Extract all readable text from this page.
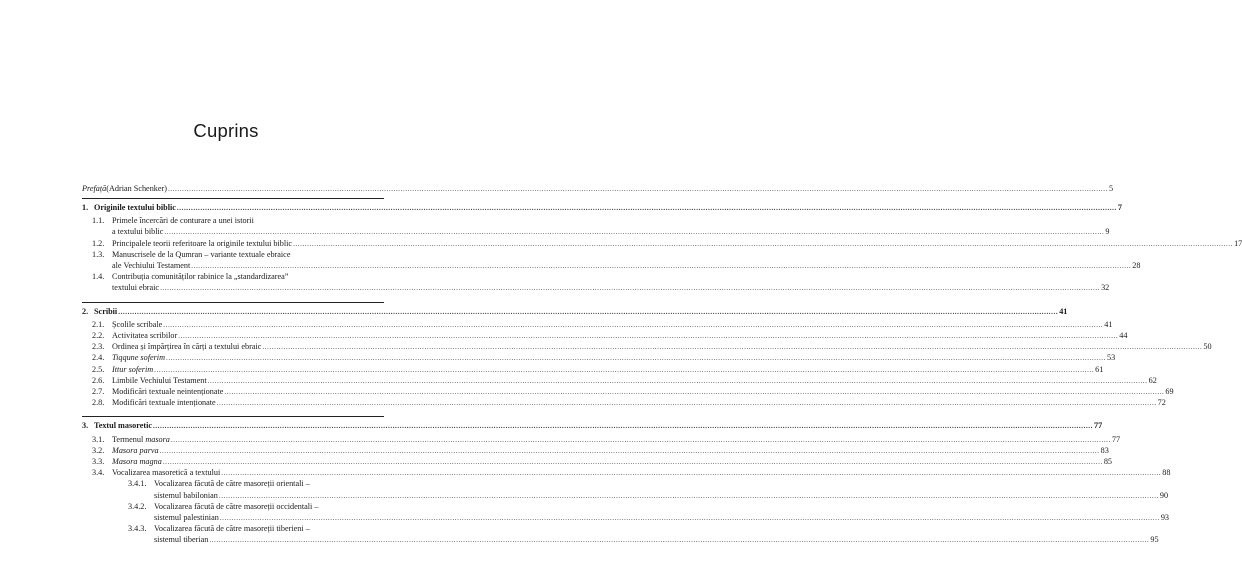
Cuprins
Prefață (Adrian Schenker) ................................................................................................................................................................................................................................................................................................................................................................................................................ 5
1. Originile textului biblic ................................................................................................................................................................................................................................................................................................................................................................................................................ 7
1.1. Primele încercări de conturare a unei istorii
a textului biblic ................................................................................................................................................................................................................................................................................................................................................................................................................ 9
1.2. Principalele teorii referitoare la originile textului biblic ................................................................................................................................................................................................................................................................................................................................................................................................................ 17
1.3. Manuscrisele de la Qumran – variante textuale ebraice
ale Vechiului Testament ................................................................................................................................................................................................................................................................................................................................................................................................................ 28
1.4. Contribuția comunităților rabinice la „standardizarea”
textului ebraic ................................................................................................................................................................................................................................................................................................................................................................................................................ 32
2. Scribii ................................................................................................................................................................................................................................................................................................................................................................................................................ 41
2.1. Școlile scribale ................................................................................................................................................................................................................................................................................................................................................................................................................ 41
2.2. Activitatea scribilor ................................................................................................................................................................................................................................................................................................................................................................................................................ 44
2.3. Ordinea și împărțirea în cărți a textului ebraic ................................................................................................................................................................................................................................................................................................................................................................................................................ 50
2.4. Tiqqune soferim ................................................................................................................................................................................................................................................................................................................................................................................................................ 53
2.5. Ittur soferim ................................................................................................................................................................................................................................................................................................................................................................................................................ 61
2.6. Limbile Vechiului Testament ................................................................................................................................................................................................................................................................................................................................................................................................................ 62
2.7. Modificări textuale neintenționate ................................................................................................................................................................................................................................................................................................................................................................................................................ 69
2.8. Modificări textuale intenționate ................................................................................................................................................................................................................................................................................................................................................................................................................ 72
3. Textul masoretic ................................................................................................................................................................................................................................................................................................................................................................................................................ 77
3.1. Termenul masora ................................................................................................................................................................................................................................................................................................................................................................................................................ 77
3.2. Masora parva ................................................................................................................................................................................................................................................................................................................................................................................................................ 83
3.3. Masora magna ................................................................................................................................................................................................................................................................................................................................................................................................................ 85
3.4. Vocalizarea masoretică a textului ................................................................................................................................................................................................................................................................................................................................................................................................................ 88
3.4.1. Vocalizarea făcută de către masoreții orientali –
sistemul babilonian ................................................................................................................................................................................................................................................................................................................................................................................................................ 90
3.4.2. Vocalizarea făcută de către masoreții occidentali –
sistemul palestinian ................................................................................................................................................................................................................................................................................................................................................................................................................ 93
3.4.3. Vocalizarea făcută de către masoreții tiberieni –
sistemul tiberian ................................................................................................................................................................................................................................................................................................................................................................................................................ 95
